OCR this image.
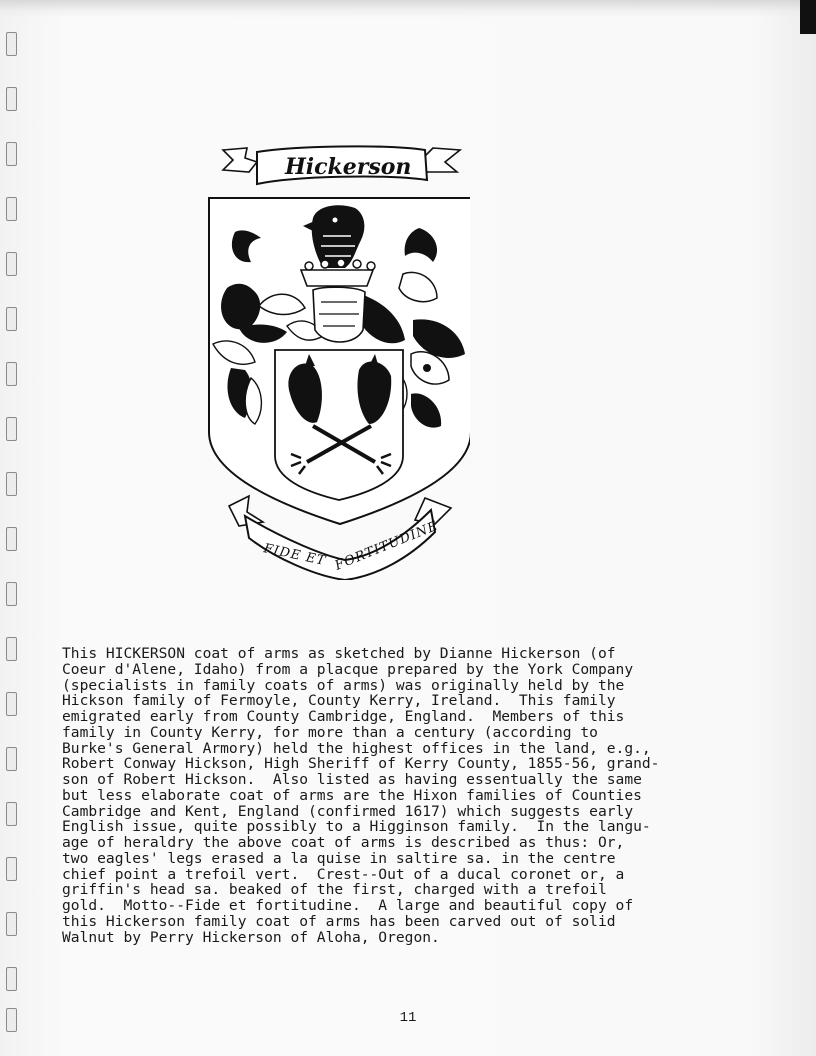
Hickerson
FIDE ET FORTITUDINE
This HICKERSON coat of arms as sketched by Dianne Hickerson (of
Coeur d'Alene, Idaho) from a placque prepared by the York Company
(specialists in family coats of arms) was originally held by the
Hickson family of Fermoyle, County Kerry, Ireland.  This family
emigrated early from County Cambridge, England.  Members of this
family in County Kerry, for more than a century (according to
Burke's General Armory) held the highest offices in the land, e.g.,
Robert Conway Hickson, High Sheriff of Kerry County, 1855-56, grand-
son of Robert Hickson.  Also listed as having essentually the same
but less elaborate coat of arms are the Hixon families of Counties
Cambridge and Kent, England (confirmed 1617) which suggests early
English issue, quite possibly to a Higginson family.  In the langu-
age of heraldry the above coat of arms is described as thus: Or,
two eagles' legs erased a la quise in saltire sa. in the centre
chief point a trefoil vert.  Crest--Out of a ducal coronet or, a
griffin's head sa. beaked of the first, charged with a trefoil
gold.  Motto--Fide et fortitudine.  A large and beautiful copy of
this Hickerson family coat of arms has been carved out of solid
Walnut by Perry Hickerson of Aloha, Oregon.
11
